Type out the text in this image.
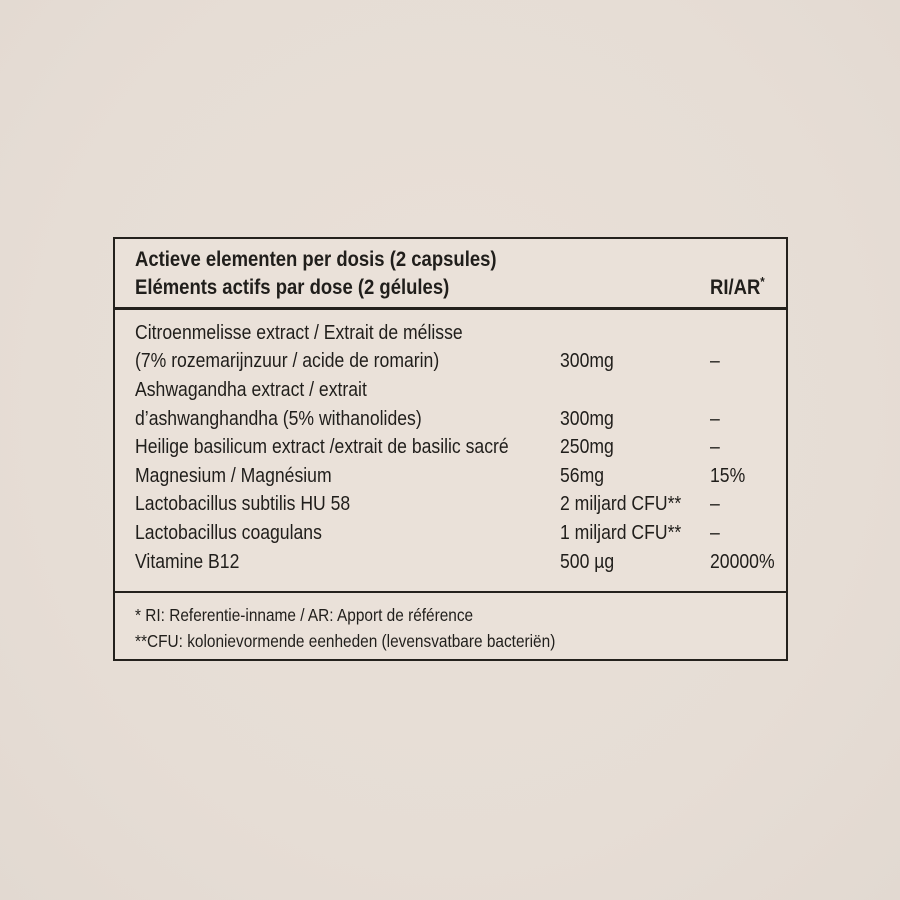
Actieve elementen per dosis (2 capsules)
Eléments actifs par dose (2 gélules)	RI/AR*
Citroenmelisse extract / Extrait de mélisse
(7% rozemarijnzuur / acide de romarin)	300mg	–
Ashwagandha extract / extrait
d’ashwanghandha (5% withanolides)	300mg	–
Heilige basilicum extract /extrait de basilic sacré	250mg	–
Magnesium / Magnésium	56mg	15%
Lactobacillus subtilis HU 58	2 miljard CFU**	–
Lactobacillus coagulans	1 miljard CFU**	–
Vitamine B12	500 µg	20000%
* RI: Referentie-inname / AR: Apport de référence
**CFU: kolonievormende eenheden (levensvatbare bacteriën)
